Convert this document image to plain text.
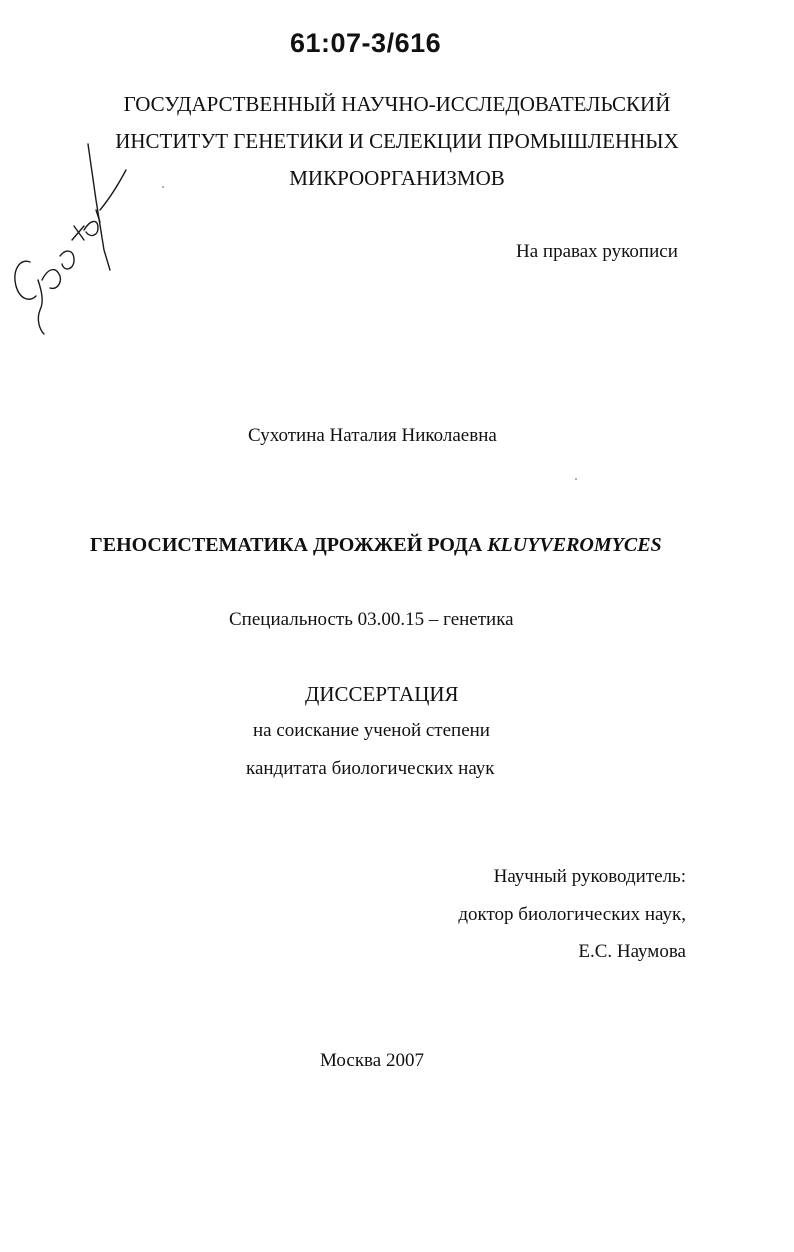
61:07-3/616
ГОСУДАРСТВЕННЫЙ НАУЧНО-ИССЛЕДОВАТЕЛЬСКИЙ
ИНСТИТУТ ГЕНЕТИКИ И СЕЛЕКЦИИ ПРОМЫШЛЕННЫХ
МИКРООРГАНИЗМОВ
На правах рукописи
Сухотина Наталия Николаевна
ГЕНОСИСТЕМАТИКА ДРОЖЖЕЙ РОДА KLUYVEROMYCES
Специальность 03.00.15 – генетика
ДИССЕРТАЦИЯ
на соискание ученой степени
кандитата биологических наук
Научный руководитель:
доктор биологических наук,
Е.С. Наумова
Москва 2007
